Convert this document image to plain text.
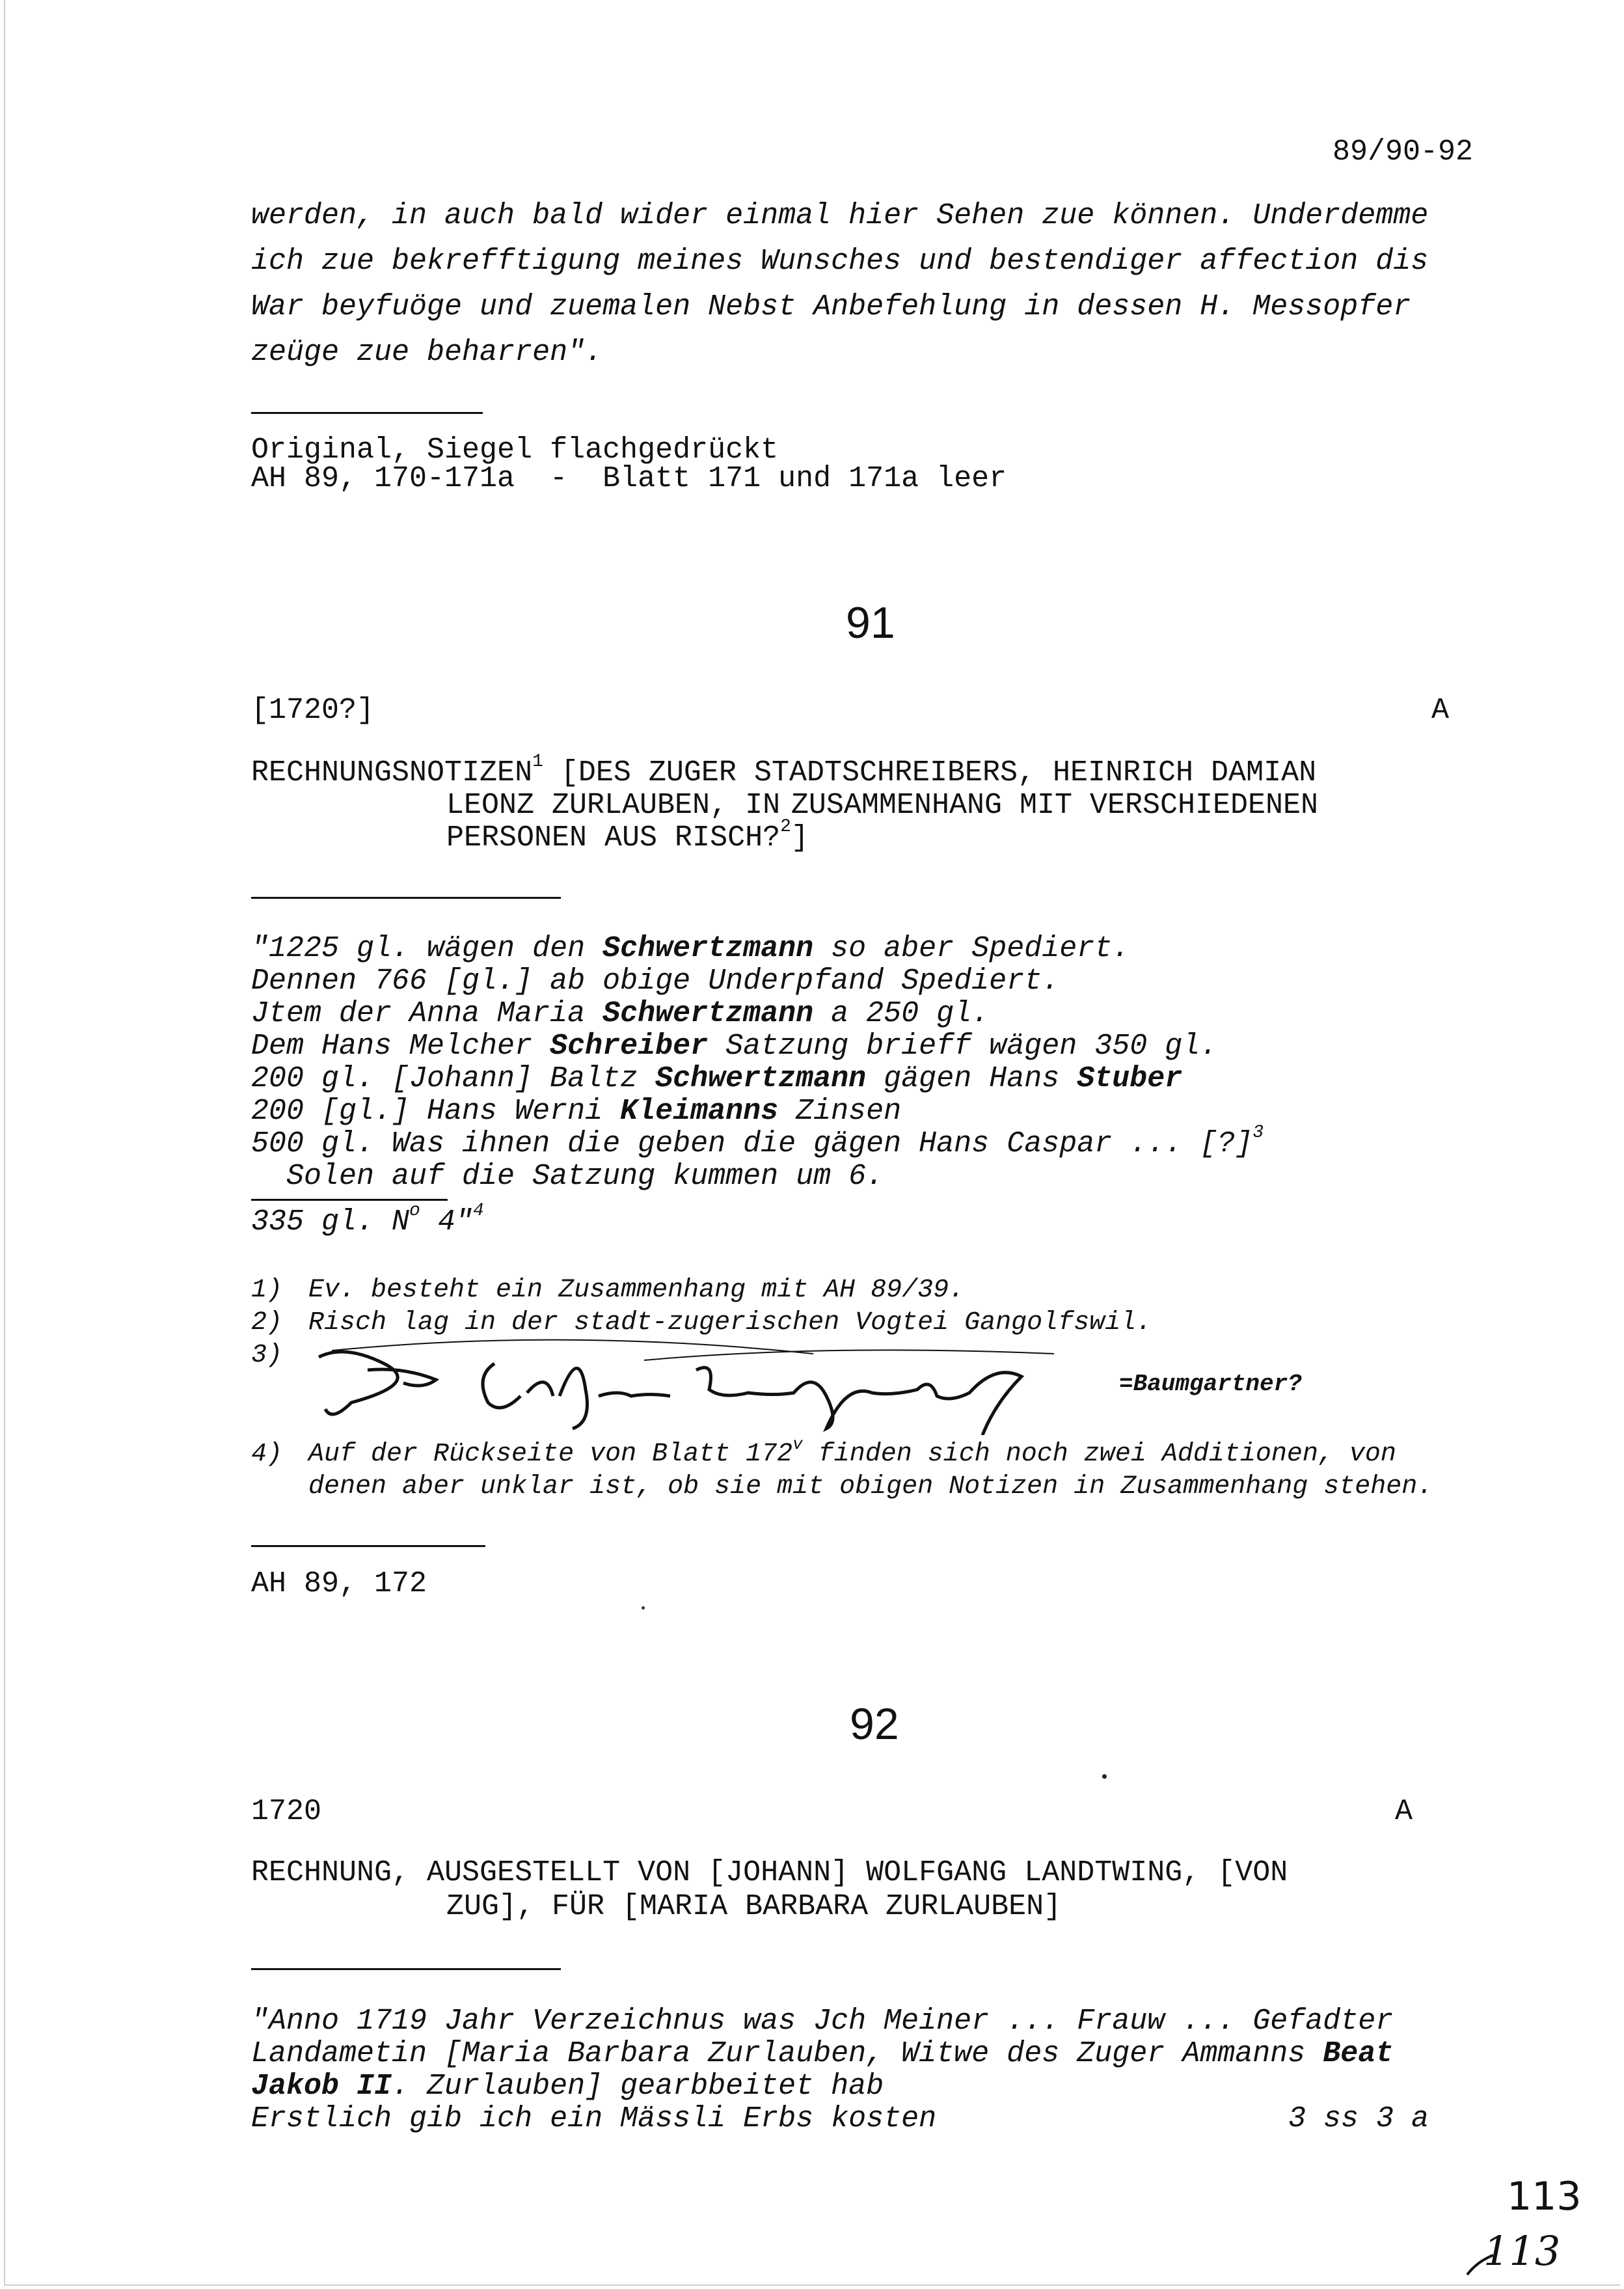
89/90-92
werden, in auch bald wider einmal hier Sehen zue können. Underdemme
ich zue bekrefftigung meines Wunsches und bestendiger affection dis
War beyfuöge und zuemalen Nebst Anbefehlung in dessen H. Messopfer
zeüge zue beharren".
Original, Siegel flachgedrückt
AH 89, 170-171a  -  Blatt 171 und 171a leer
91
[1720?]	A
RECHNUNGSNOTIZEN$^1$ [DES ZUGER STADTSCHREIBERS, HEINRICH DAMIAN
LEONZ ZURLAUBEN, IN ZUSAMMENHANG MIT VERSCHIEDENEN
PERSONEN AUS RISCH?$^2$]
"1225 gl. wägen den Schwertzmann so aber Spediert.
Dennen 766 [gl.] ab obige Underpfand Spediert.
Jtem der Anna Maria Schwertzmann a 250 gl.
Dem Hans Melcher Schreiber Satzung brieff wägen 350 gl.
200 gl. [Johann] Baltz Schwertzmann gägen Hans Stuber
200 [gl.] Hans Werni Kleimanns Zinsen
500 gl. Was ihnen die geben die gägen Hans Caspar ... [?]$^3$
Solen auf die Satzung kummen um 6.
335 gl. $N^o$ 4"$^4$
1) Ev. besteht ein Zusammenhang mit AH 89/39.
2) Risch lag in der stadt-zugerischen Vogtei Gangolfswil.
3)
=Baumgartner?
4) Auf der Rückseite von Blatt 172$^v$ finden sich noch zwei Additionen, von
denen aber unklar ist, ob sie mit obigen Notizen in Zusammenhang stehen.
AH 89, 172
92
1720	A
RECHNUNG, AUSGESTELLT VON [JOHANN] WOLFGANG LANDTWING, [VON
ZUG], FÜR [MARIA BARBARA ZURLAUBEN]
"Anno 1719 Jahr Verzeichnus was Jch Meiner ... Frauw ... Gefadter
Landametin [Maria Barbara Zurlauben, Witwe des Zuger Ammanns Beat
Jakob II. Zurlauben] gearbbeitet hab
Erstlich gib ich ein Mässli Erbs kosten	3 ss 3 a
113
113
